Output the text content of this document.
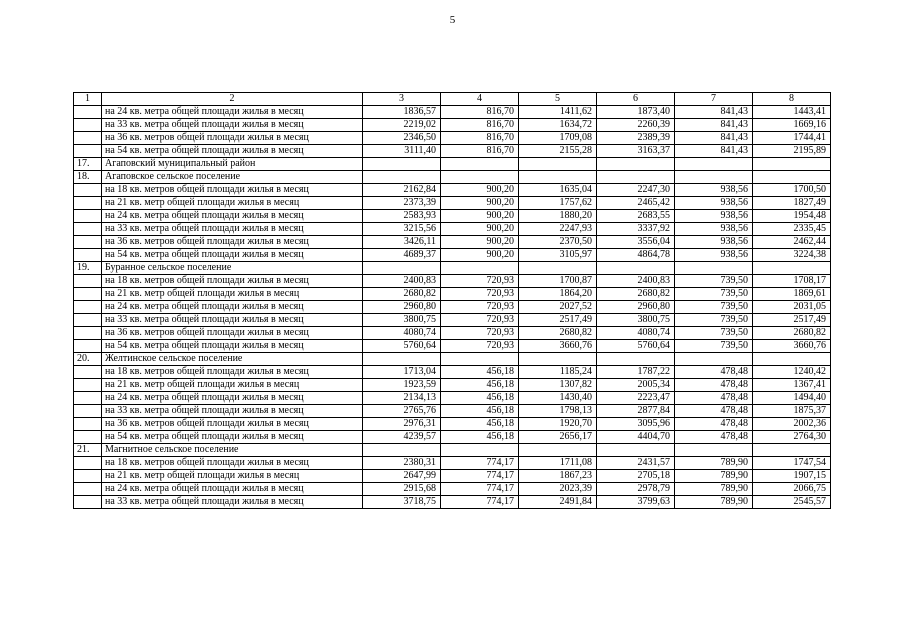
5
1	2	3	4	5	6	7	8
	на 24 кв. метра общей площади жилья в месяц	1836,57	816,70	1411,62	1873,40	841,43	1443,41
	на 33 кв. метра общей площади жилья в месяц	2219,02	816,70	1634,72	2260,39	841,43	1669,16
	на 36 кв. метров общей площади жилья в месяц	2346,50	816,70	1709,08	2389,39	841,43	1744,41
	на 54 кв. метра общей площади жилья в месяц	3111,40	816,70	2155,28	3163,37	841,43	2195,89
17.	Агаповский муниципальный район						
18.	Агаповское сельское поселение						
	на 18 кв. метров общей площади жилья в месяц	2162,84	900,20	1635,04	2247,30	938,56	1700,50
	на 21 кв. метр общей площади жилья в месяц	2373,39	900,20	1757,62	2465,42	938,56	1827,49
	на 24 кв. метра общей площади жилья в месяц	2583,93	900,20	1880,20	2683,55	938,56	1954,48
	на 33 кв. метра общей площади жилья в месяц	3215,56	900,20	2247,93	3337,92	938,56	2335,45
	на 36 кв. метров общей площади жилья в месяц	3426,11	900,20	2370,50	3556,04	938,56	2462,44
	на 54 кв. метра общей площади жилья в месяц	4689,37	900,20	3105,97	4864,78	938,56	3224,38
19.	Буранное сельское поселение						
	на 18 кв. метров общей площади жилья в месяц	2400,83	720,93	1700,87	2400,83	739,50	1708,17
	на 21 кв. метр общей площади жилья в месяц	2680,82	720,93	1864,20	2680,82	739,50	1869,61
	на 24 кв. метра общей площади жилья в месяц	2960,80	720,93	2027,52	2960,80	739,50	2031,05
	на 33 кв. метра общей площади жилья в месяц	3800,75	720,93	2517,49	3800,75	739,50	2517,49
	на 36 кв. метров общей площади жилья в месяц	4080,74	720,93	2680,82	4080,74	739,50	2680,82
	на 54 кв. метра общей площади жилья в месяц	5760,64	720,93	3660,76	5760,64	739,50	3660,76
20.	Желтинское сельское поселение						
	на 18 кв. метров общей площади жилья в месяц	1713,04	456,18	1185,24	1787,22	478,48	1240,42
	на 21 кв. метр общей площади жилья в месяц	1923,59	456,18	1307,82	2005,34	478,48	1367,41
	на 24 кв. метра общей площади жилья в месяц	2134,13	456,18	1430,40	2223,47	478,48	1494,40
	на 33 кв. метра общей площади жилья в месяц	2765,76	456,18	1798,13	2877,84	478,48	1875,37
	на 36 кв. метров общей площади жилья в месяц	2976,31	456,18	1920,70	3095,96	478,48	2002,36
	на 54 кв. метра общей площади жилья в месяц	4239,57	456,18	2656,17	4404,70	478,48	2764,30
21.	Магнитное сельское поселение						
	на 18 кв. метров общей площади жилья в месяц	2380,31	774,17	1711,08	2431,57	789,90	1747,54
	на 21 кв. метр общей площади жилья в месяц	2647,99	774,17	1867,23	2705,18	789,90	1907,15
	на 24 кв. метра общей площади жилья в месяц	2915,68	774,17	2023,39	2978,79	789,90	2066,75
	на 33 кв. метра общей площади жилья в месяц	3718,75	774,17	2491,84	3799,63	789,90	2545,57
